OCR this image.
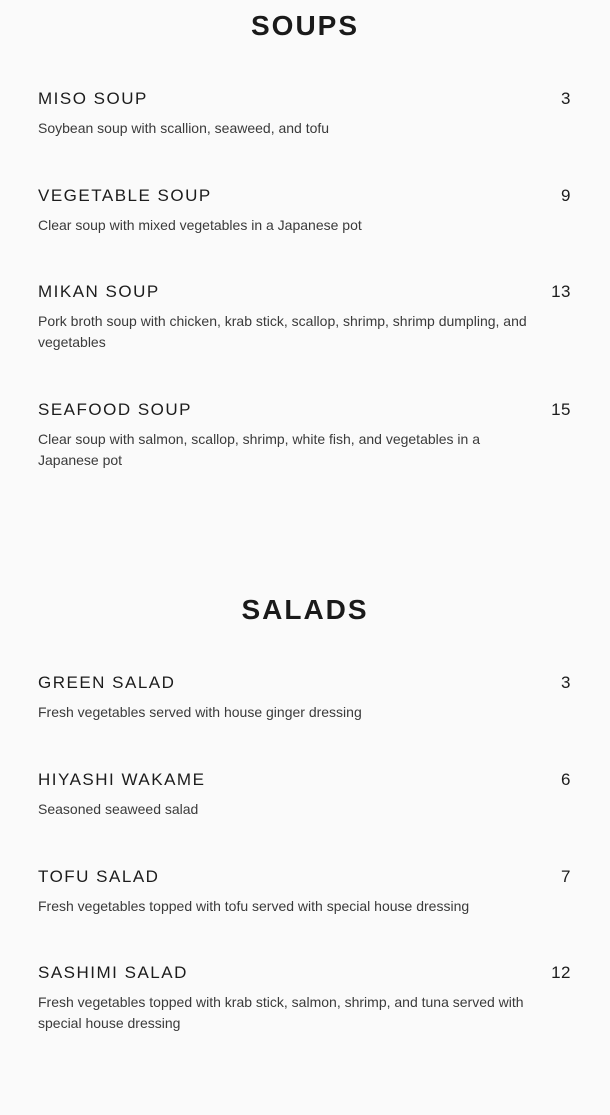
SOUPS
MISO SOUP	3
Soybean soup with scallion, seaweed, and tofu
VEGETABLE SOUP	9
Clear soup with mixed vegetables in a Japanese pot
MIKAN SOUP	13
Pork broth soup with chicken, krab stick, scallop, shrimp, shrimp dumpling, and vegetables
SEAFOOD SOUP	15
Clear soup with salmon, scallop, shrimp, white fish, and vegetables in a Japanese pot
SALADS
GREEN SALAD	3
Fresh vegetables served with house ginger dressing
HIYASHI WAKAME	6
Seasoned seaweed salad
TOFU SALAD	7
Fresh vegetables topped with tofu served with special house dressing
SASHIMI SALAD	12
Fresh vegetables topped with krab stick, salmon, shrimp, and tuna served with special house dressing
